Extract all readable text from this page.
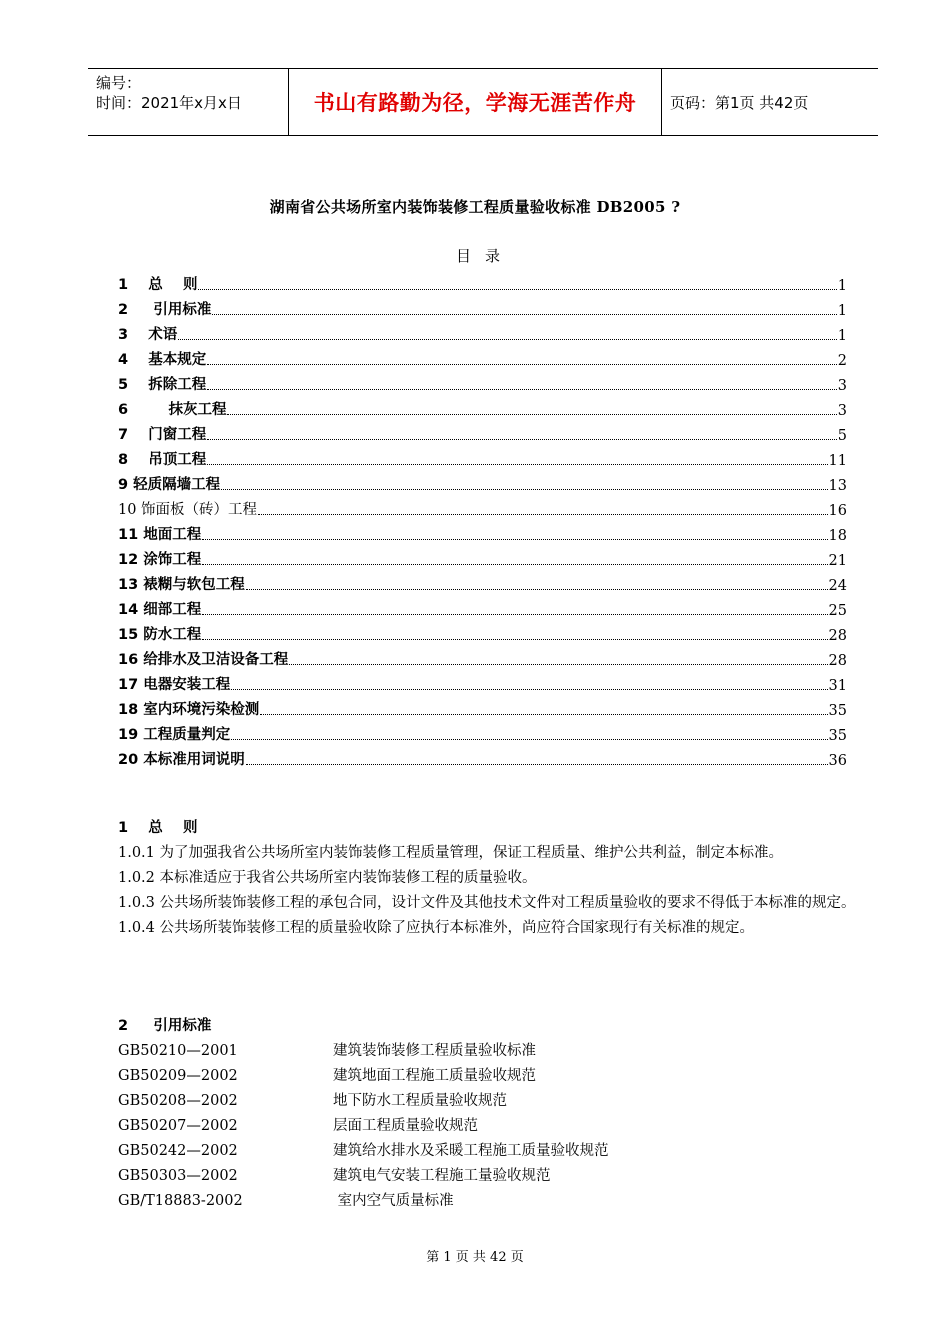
编号：
时间：2021年x月x日	书山有路勤为径，学海无涯苦作舟	页码：第1页 共42页
湖南省公共场所室内装饰装修工程质量验收标准 DB2005 ?
目录
1    总    则	1
2     引用标准	1
3    术语	1
4    基本规定	2
5    拆除工程	3
6        抹灰工程	3
7    门窗工程	5
8    吊顶工程	11
9 轻质隔墙工程	13
10 饰面板（砖）工程	16
11 地面工程	18
12 涂饰工程	21
13 裱糊与软包工程	24
14 细部工程	25
15 防水工程	28
16 给排水及卫洁设备工程	28
17 电器安装工程	31
18 室内环境污染检测	35
19 工程质量判定	35
20 本标准用词说明	36
1    总    则

1.0.1 为了加强我省公共场所室内装饰装修工程质量管理，保证工程质量、维护公共利益，制定本标准。

1.0.2 本标准适应于我省公共场所室内装饰装修工程的质量验收。

1.0.3 公共场所装饰装修工程的承包合同，设计文件及其他技术文件对工程质量验收的要求不得低于本标准的规定。

1.0.4 公共场所装饰装修工程的质量验收除了应执行本标准外，尚应符合国家现行有关标准的规定。

2     引用标准
GB50210—2001	建筑装饰装修工程质量验收标准
GB50209—2002	建筑地面工程施工质量验收规范
GB50208—2002	地下防水工程质量验收规范
GB50207—2002	层面工程质量验收规范
GB50242—2002	建筑给水排水及采暖工程施工质量验收规范
GB50303—2002	建筑电气安装工程施工量验收规范
GB/T18883-2002	室内空气质量标准
第 1 页 共 42 页
